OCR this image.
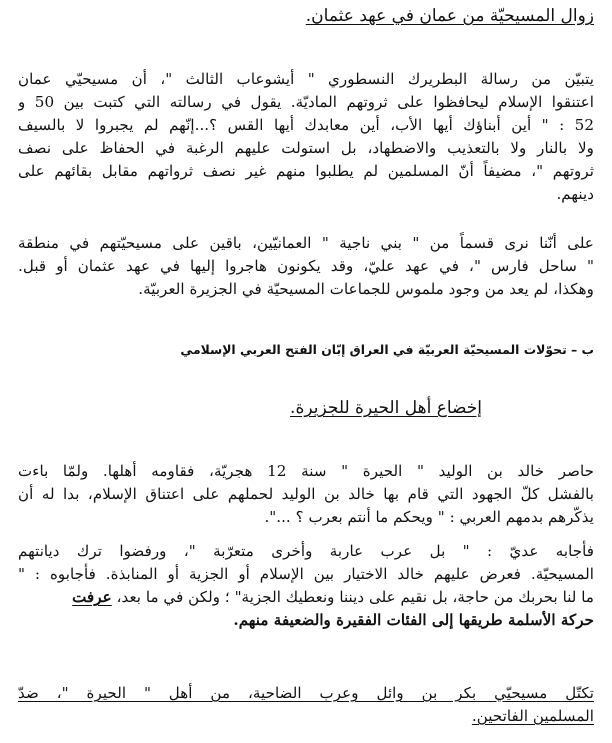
زوال المسيحيّة من عمان في عهد عثمان.
يتبيّن من رسالة البطريرك النسطوري " أيشوعاب الثالث "، أن مسيحيّي عمان
اعتنقوا الإسلام ليحافظوا على ثروتهم الماديّة. يقول في رسالته التي كتبت بين 50 و
52 : " أين أبناؤك أيها الأب، أين معابدك أيها القس ؟...إنّهم لم يجبروا لا بالسيف
ولا بالنار ولا بالتعذيب والاضطهاد، بل استولت عليهم الرغبة في الحفاظ على نصف
ثروتهم "، مضيفاً أنّ المسلمين لم يطلبوا منهم غير نصف ثرواتهم مقابل بقائهم على
دينهم.
على أنّنا نرى قسماً من " بني ناجية " العمانيّين، باقين على مسيحيّتهم في منطقة
" ساحل فارس "، في عهد عليّ، وقد يكونون هاجروا إليها في عهد عثمان أو قبل.
وهكذا، لم يعد من وجود ملموس للجماعات المسيحيّة في الجزيرة العربيّة.
ب – تحوّلات المسيحيّة العربيّة في العراق إبّان الفتح العربي الإسلامي
إخضاع أهل الحيرة للجزيرة.
حاصر خالد بن الوليد " الحيرة " سنة 12 هجريّة، فقاومه أهلها. ولمّا باءت
بالفشل كلّ الجهود التي قام بها خالد بن الوليد لحملهم على اعتناق الإسلام، بدا له أن
يذكّرهم بدمهم العربي : " ويحكم ما أنتم بعرب ؟ ...".
فأجابه عديّ : " بل عرب عاربة وأخرى متعرّبة "، ورفضوا ترك ديانتهم
المسيحيّة. فعرض عليهم خالد الاختيار بين الإسلام أو الجزية أو المنابذة. فأجابوه : "
ما لنا بحربك من حاجة، بل نقيم على ديننا ونعطيك الجزية" ؛ ولكن في ما بعد، عرفت
حركة الأسلمة طريقها إلى الفئات الفقيرة والضعيفة منهم.
تكتّل مسيحيّي بكر بن وائل وعرب الضاحية، من أهل " الحيرة "، ضدّ
المسلمين الفاتحين.
